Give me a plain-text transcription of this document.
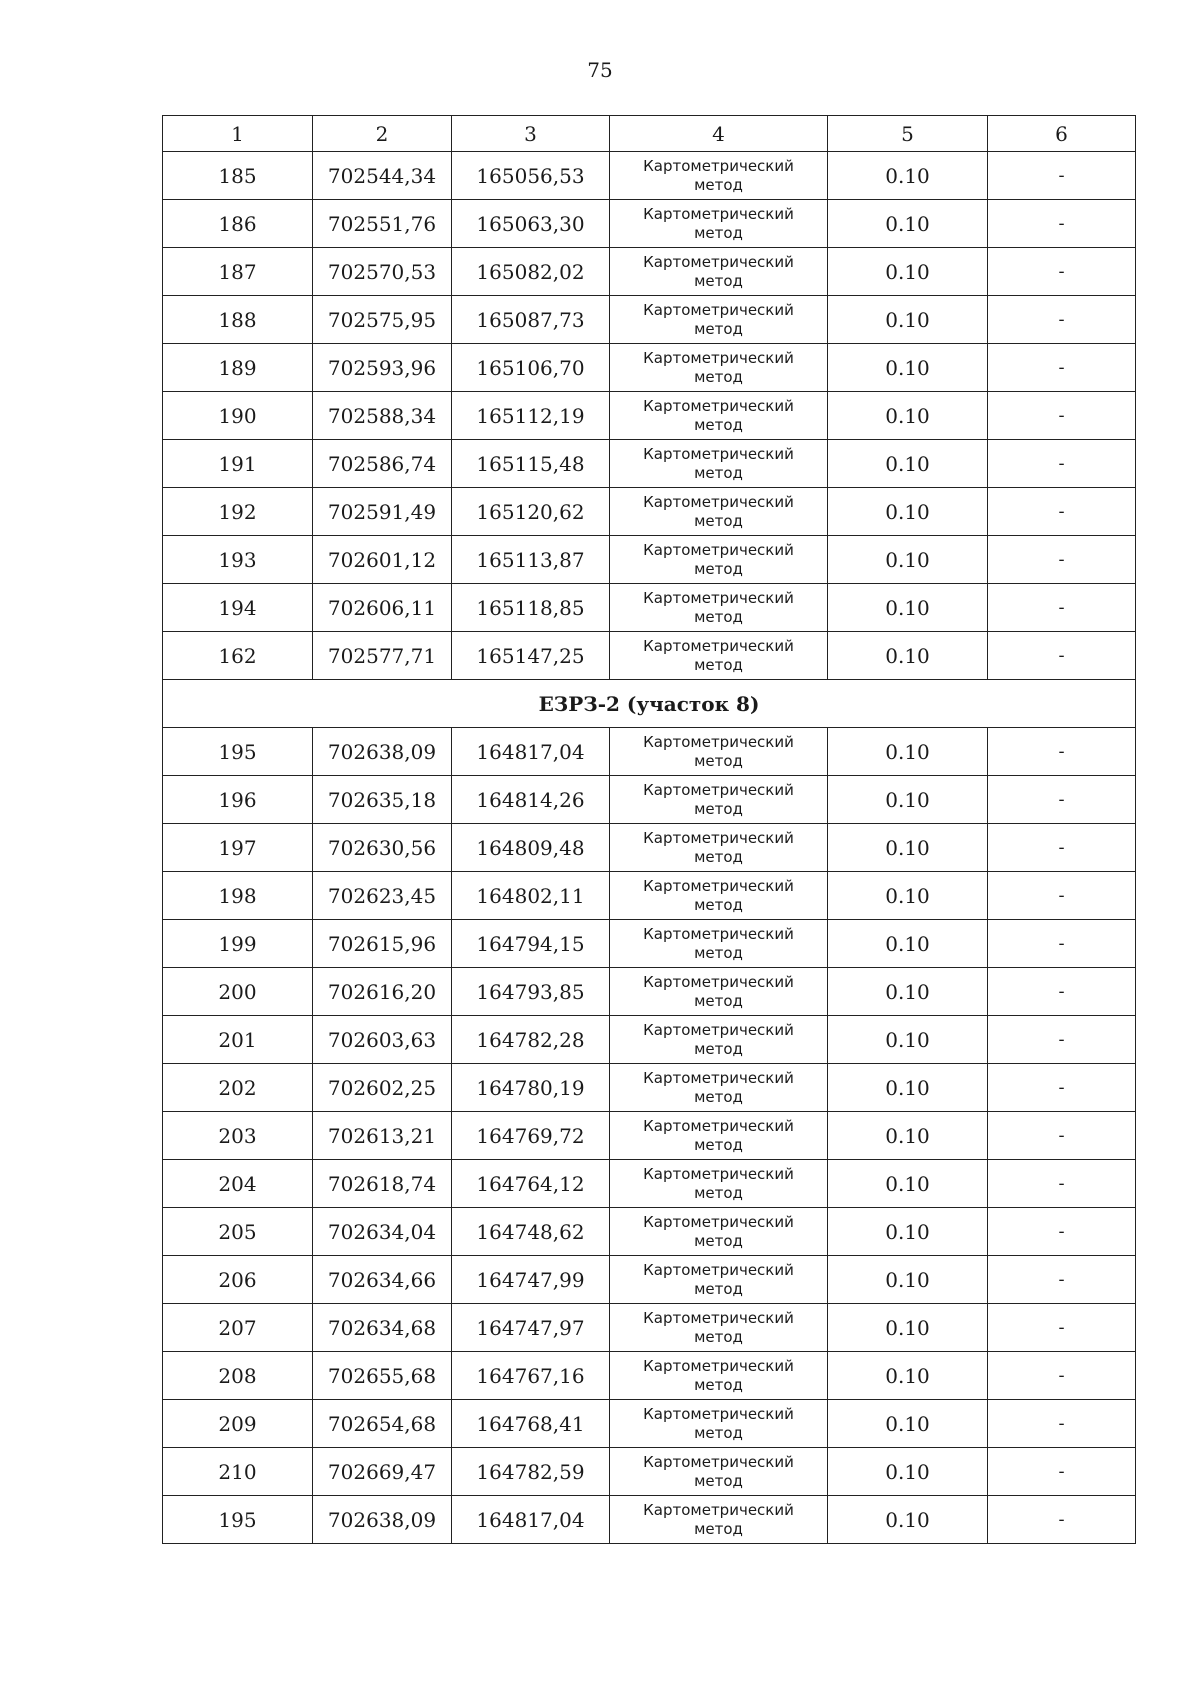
75
1	2	3	4	5	6
185	702544,34	165056,53	Картометрический
метод	0.10	-
186	702551,76	165063,30	Картометрический
метод	0.10	-
187	702570,53	165082,02	Картометрический
метод	0.10	-
188	702575,95	165087,73	Картометрический
метод	0.10	-
189	702593,96	165106,70	Картометрический
метод	0.10	-
190	702588,34	165112,19	Картометрический
метод	0.10	-
191	702586,74	165115,48	Картометрический
метод	0.10	-
192	702591,49	165120,62	Картометрический
метод	0.10	-
193	702601,12	165113,87	Картометрический
метод	0.10	-
194	702606,11	165118,85	Картометрический
метод	0.10	-
162	702577,71	165147,25	Картометрический
метод	0.10	-
ЕЗРЗ-2 (участок 8)					
195	702638,09	164817,04	Картометрический
метод	0.10	-
196	702635,18	164814,26	Картометрический
метод	0.10	-
197	702630,56	164809,48	Картометрический
метод	0.10	-
198	702623,45	164802,11	Картометрический
метод	0.10	-
199	702615,96	164794,15	Картометрический
метод	0.10	-
200	702616,20	164793,85	Картометрический
метод	0.10	-
201	702603,63	164782,28	Картометрический
метод	0.10	-
202	702602,25	164780,19	Картометрический
метод	0.10	-
203	702613,21	164769,72	Картометрический
метод	0.10	-
204	702618,74	164764,12	Картометрический
метод	0.10	-
205	702634,04	164748,62	Картометрический
метод	0.10	-
206	702634,66	164747,99	Картометрический
метод	0.10	-
207	702634,68	164747,97	Картометрический
метод	0.10	-
208	702655,68	164767,16	Картометрический
метод	0.10	-
209	702654,68	164768,41	Картометрический
метод	0.10	-
210	702669,47	164782,59	Картометрический
метод	0.10	-
195	702638,09	164817,04	Картометрический
метод	0.10	-
